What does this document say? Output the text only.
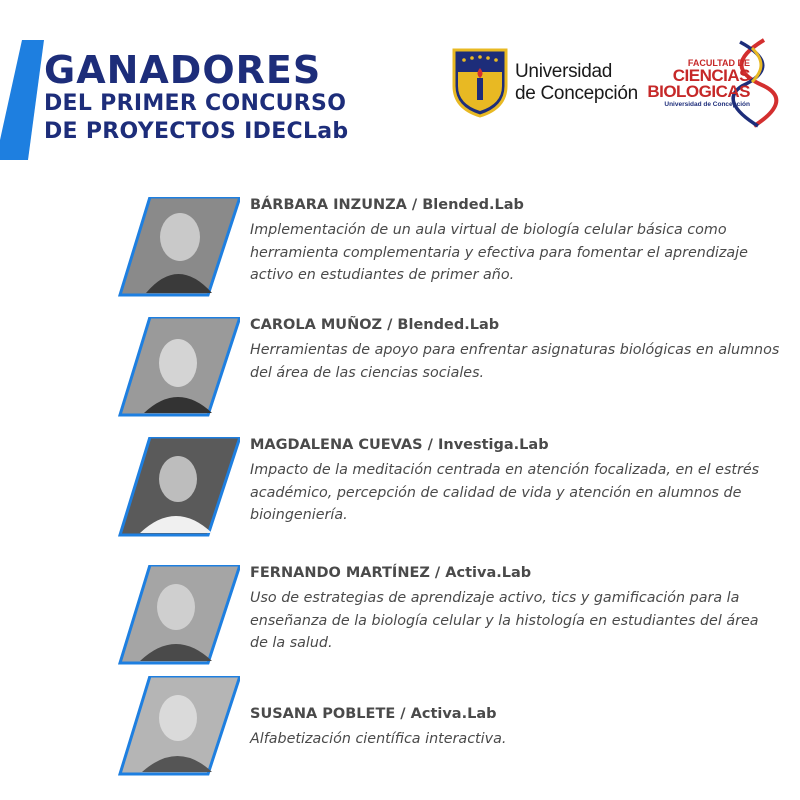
GANADORES
DEL PRIMER CONCURSO
DE PROYECTOS IDECLab
Universidad
de Concepción
FACULTAD DE
CIENCIAS
BIOLOGICAS
Universidad de Concepción
BÁRBARA INZUNZA / Blended.Lab
Implementación de un aula virtual de biología celular básica como herramienta complementaria y efectiva para fomentar el aprendizaje activo en estudiantes de primer año.
CAROLA MUÑOZ / Blended.Lab
Herramientas de apoyo para enfrentar asignaturas biológicas en alumnos del área de las ciencias sociales.
MAGDALENA CUEVAS / Investiga.Lab
Impacto de la meditación centrada en atención focalizada, en el estrés académico, percepción de calidad de vida y atención en alumnos de bioingeniería.
FERNANDO MARTÍNEZ / Activa.Lab
Uso de estrategias de aprendizaje activo, tics y gamificación para la enseñanza de la biología celular y la histología en estudiantes del área de la salud.
SUSANA POBLETE / Activa.Lab
Alfabetización científica interactiva.
